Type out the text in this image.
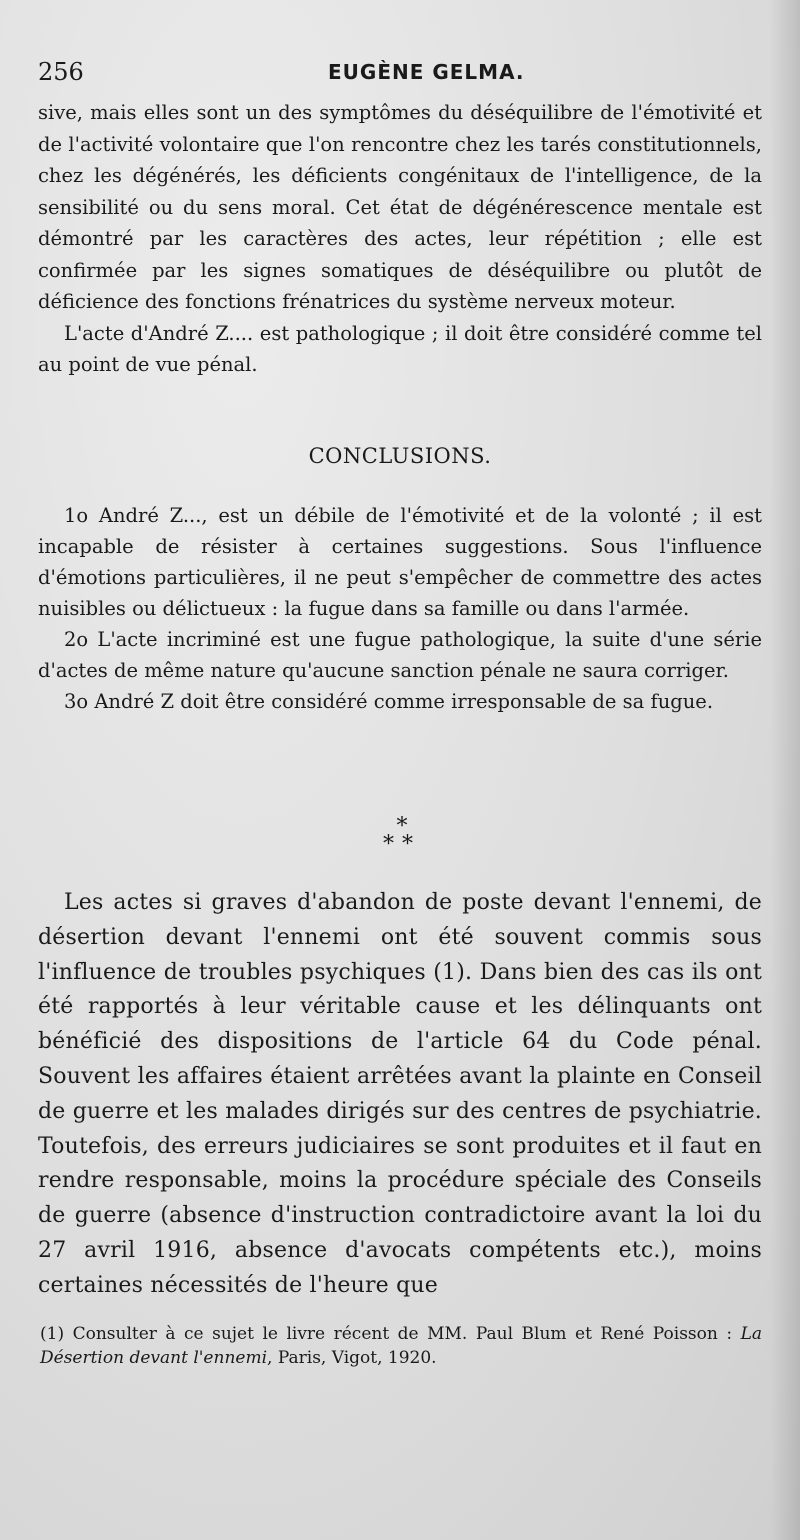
256	EUGÈNE GELMA.

sive, mais elles sont un des symptômes du déséquilibre de l'émotivité et de l'activité volontaire que l'on rencontre chez les tarés constitutionnels, chez les dégénérés, les déficients congénitaux de l'intelligence, de la sensibilité ou du sens moral. Cet état de dégénérescence mentale est démontré par les caractères des actes, leur répétition ; elle est confirmée par les signes somatiques de déséquilibre ou plutôt de déficience des fonctions frénatrices du système nerveux moteur.

L'acte d'André Z.... est pathologique ; il doit être considéré comme tel au point de vue pénal.

CONCLUSIONS.

1o André Z..., est un débile de l'émotivité et de la volonté ; il est incapable de résister à certaines suggestions. Sous l'influence d'émotions particulières, il ne peut s'empêcher de commettre des actes nuisibles ou délictueux : la fugue dans sa famille ou dans l'armée.

2o L'acte incriminé est une fugue pathologique, la suite d'une série d'actes de même nature qu'aucune sanction pénale ne saura corriger.

3o André Z doit être considéré comme irresponsable de sa fugue.

*
**

Les actes si graves d'abandon de poste devant l'ennemi, de désertion devant l'ennemi ont été souvent commis sous l'influence de troubles psychiques (1). Dans bien des cas ils ont été rapportés à leur véritable cause et les délinquants ont bénéficié des dispositions de l'article 64 du Code pénal. Souvent les affaires étaient arrêtées avant la plainte en Conseil de guerre et les malades dirigés sur des centres de psychiatrie. Toutefois, des erreurs judiciaires se sont produites et il faut en rendre responsable, moins la procédure spéciale des Conseils de guerre (absence d'instruction contradictoire avant la loi du 27 avril 1916, absence d'avocats compétents etc.), moins certaines nécessités de l'heure que

(1) Consulter à ce sujet le livre récent de MM. Paul Blum et René Poisson : La Désertion devant l'ennemi, Paris, Vigot, 1920.
